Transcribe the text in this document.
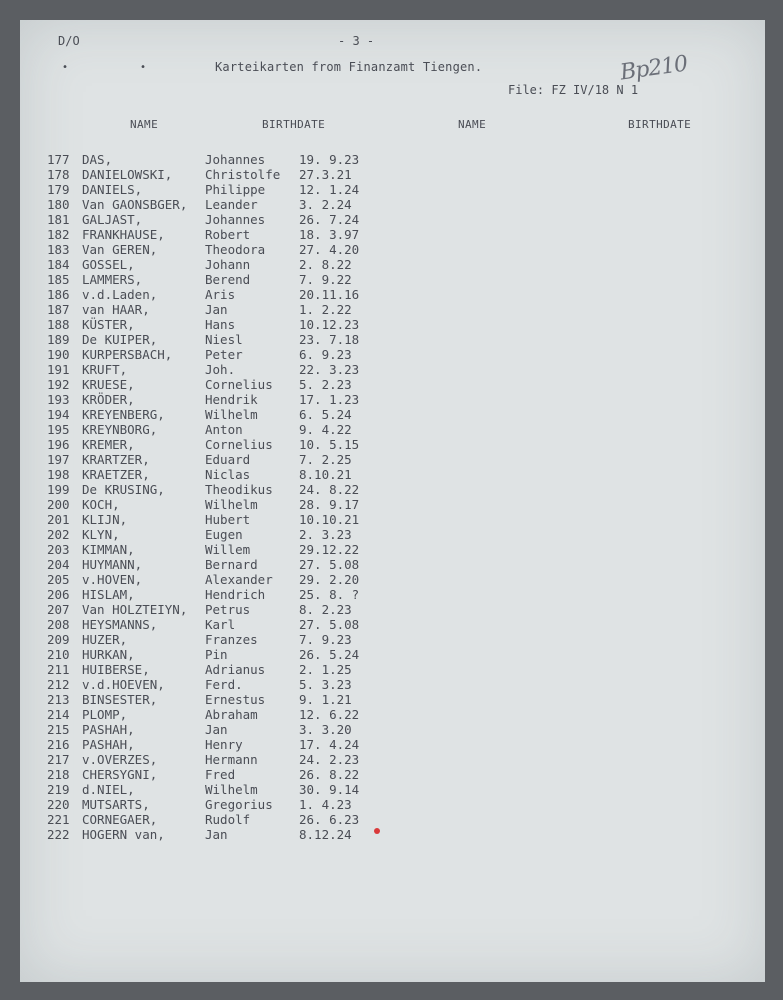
D/O
•	•
- 3 -
Karteikarten from Finanzamt Tiengen.	Bp210
File: FZ IV/18 N 1
NAME	BIRTHDATE	NAME	BIRTHDATE
177 DAS,	Johannes	19. 9.23
178 DANIELOWSKI,	Christolfe 27.3.21
179 DANIELS,	Philippe	12. 1.24
180 Van GAONSBGER, Leander	3. 2.24
181 GALJAST,	Johannes	26. 7.24
182 FRANKHAUSE,	Robert	18. 3.97
183 Van GEREN,	Theodora	27. 4.20
184 GOSSEL,	Johann	2. 8.22
185 LAMMERS,	Berend	7. 9.22
186 v.d.Laden,	Aris	20.11.16
187 van HAAR,	Jan	1. 2.22
188 KÜSTER,	Hans	10.12.23
189 De KUIPER,	Niesl	23. 7.18
190 KURPERSBACH,	Peter	6. 9.23
191 KRUFT,	Joh.	22. 3.23
192 KRUESE,	Cornelius 5. 2.23
193 KRÖDER,	Hendrik	17. 1.23
194 KREYENBERG,	Wilhelm	6. 5.24
195 KREYNBORG,	Anton	9. 4.22
196 KREMER,	Cornelius 10. 5.15
197 KRARTZER,	Eduard	7. 2.25
198 KRAETZER,	Niclas	8.10.21
199 De KRUSING,	Theodikus 24. 8.22
200 KOCH,	Wilhelm	28. 9.17
201 KLIJN,	Hubert	10.10.21
202 KLYN,	Eugen	2. 3.23
203 KIMMAN,	Willem	29.12.22
204 HUYMANN,	Bernard	27. 5.08
205 v.HOVEN,	Alexander 29. 2.20
206 HISLAM,	Hendrich	25. 8. ?
207 Van HOLZTEIYN, Petrus	8. 2.23
208 HEYSMANNS,	Karl	27. 5.08
209 HUZER,	Franzes	7. 9.23
210 HURKAN,	Pin	26. 5.24
211 HUIBERSE,	Adrianus	2. 1.25
212 v.d.HOEVEN,	Ferd.	5. 3.23
213 BINSESTER,	Ernestus	9. 1.21
214 PLOMP,	Abraham	12. 6.22
215 PASHAH,	Jan	3. 3.20
216 PASHAH,	Henry	17. 4.24
217 v.OVERZES,	Hermann	24. 2.23
218 CHERSYGNI,	Fred	26. 8.22
219 d.NIEL,	Wilhelm	30. 9.14
220 MUTSARTS,	Gregorius 1. 4.23
221 CORNEGAER,	Rudolf	26. 6.23
222 HOGERN van,	Jan	8.12.24
